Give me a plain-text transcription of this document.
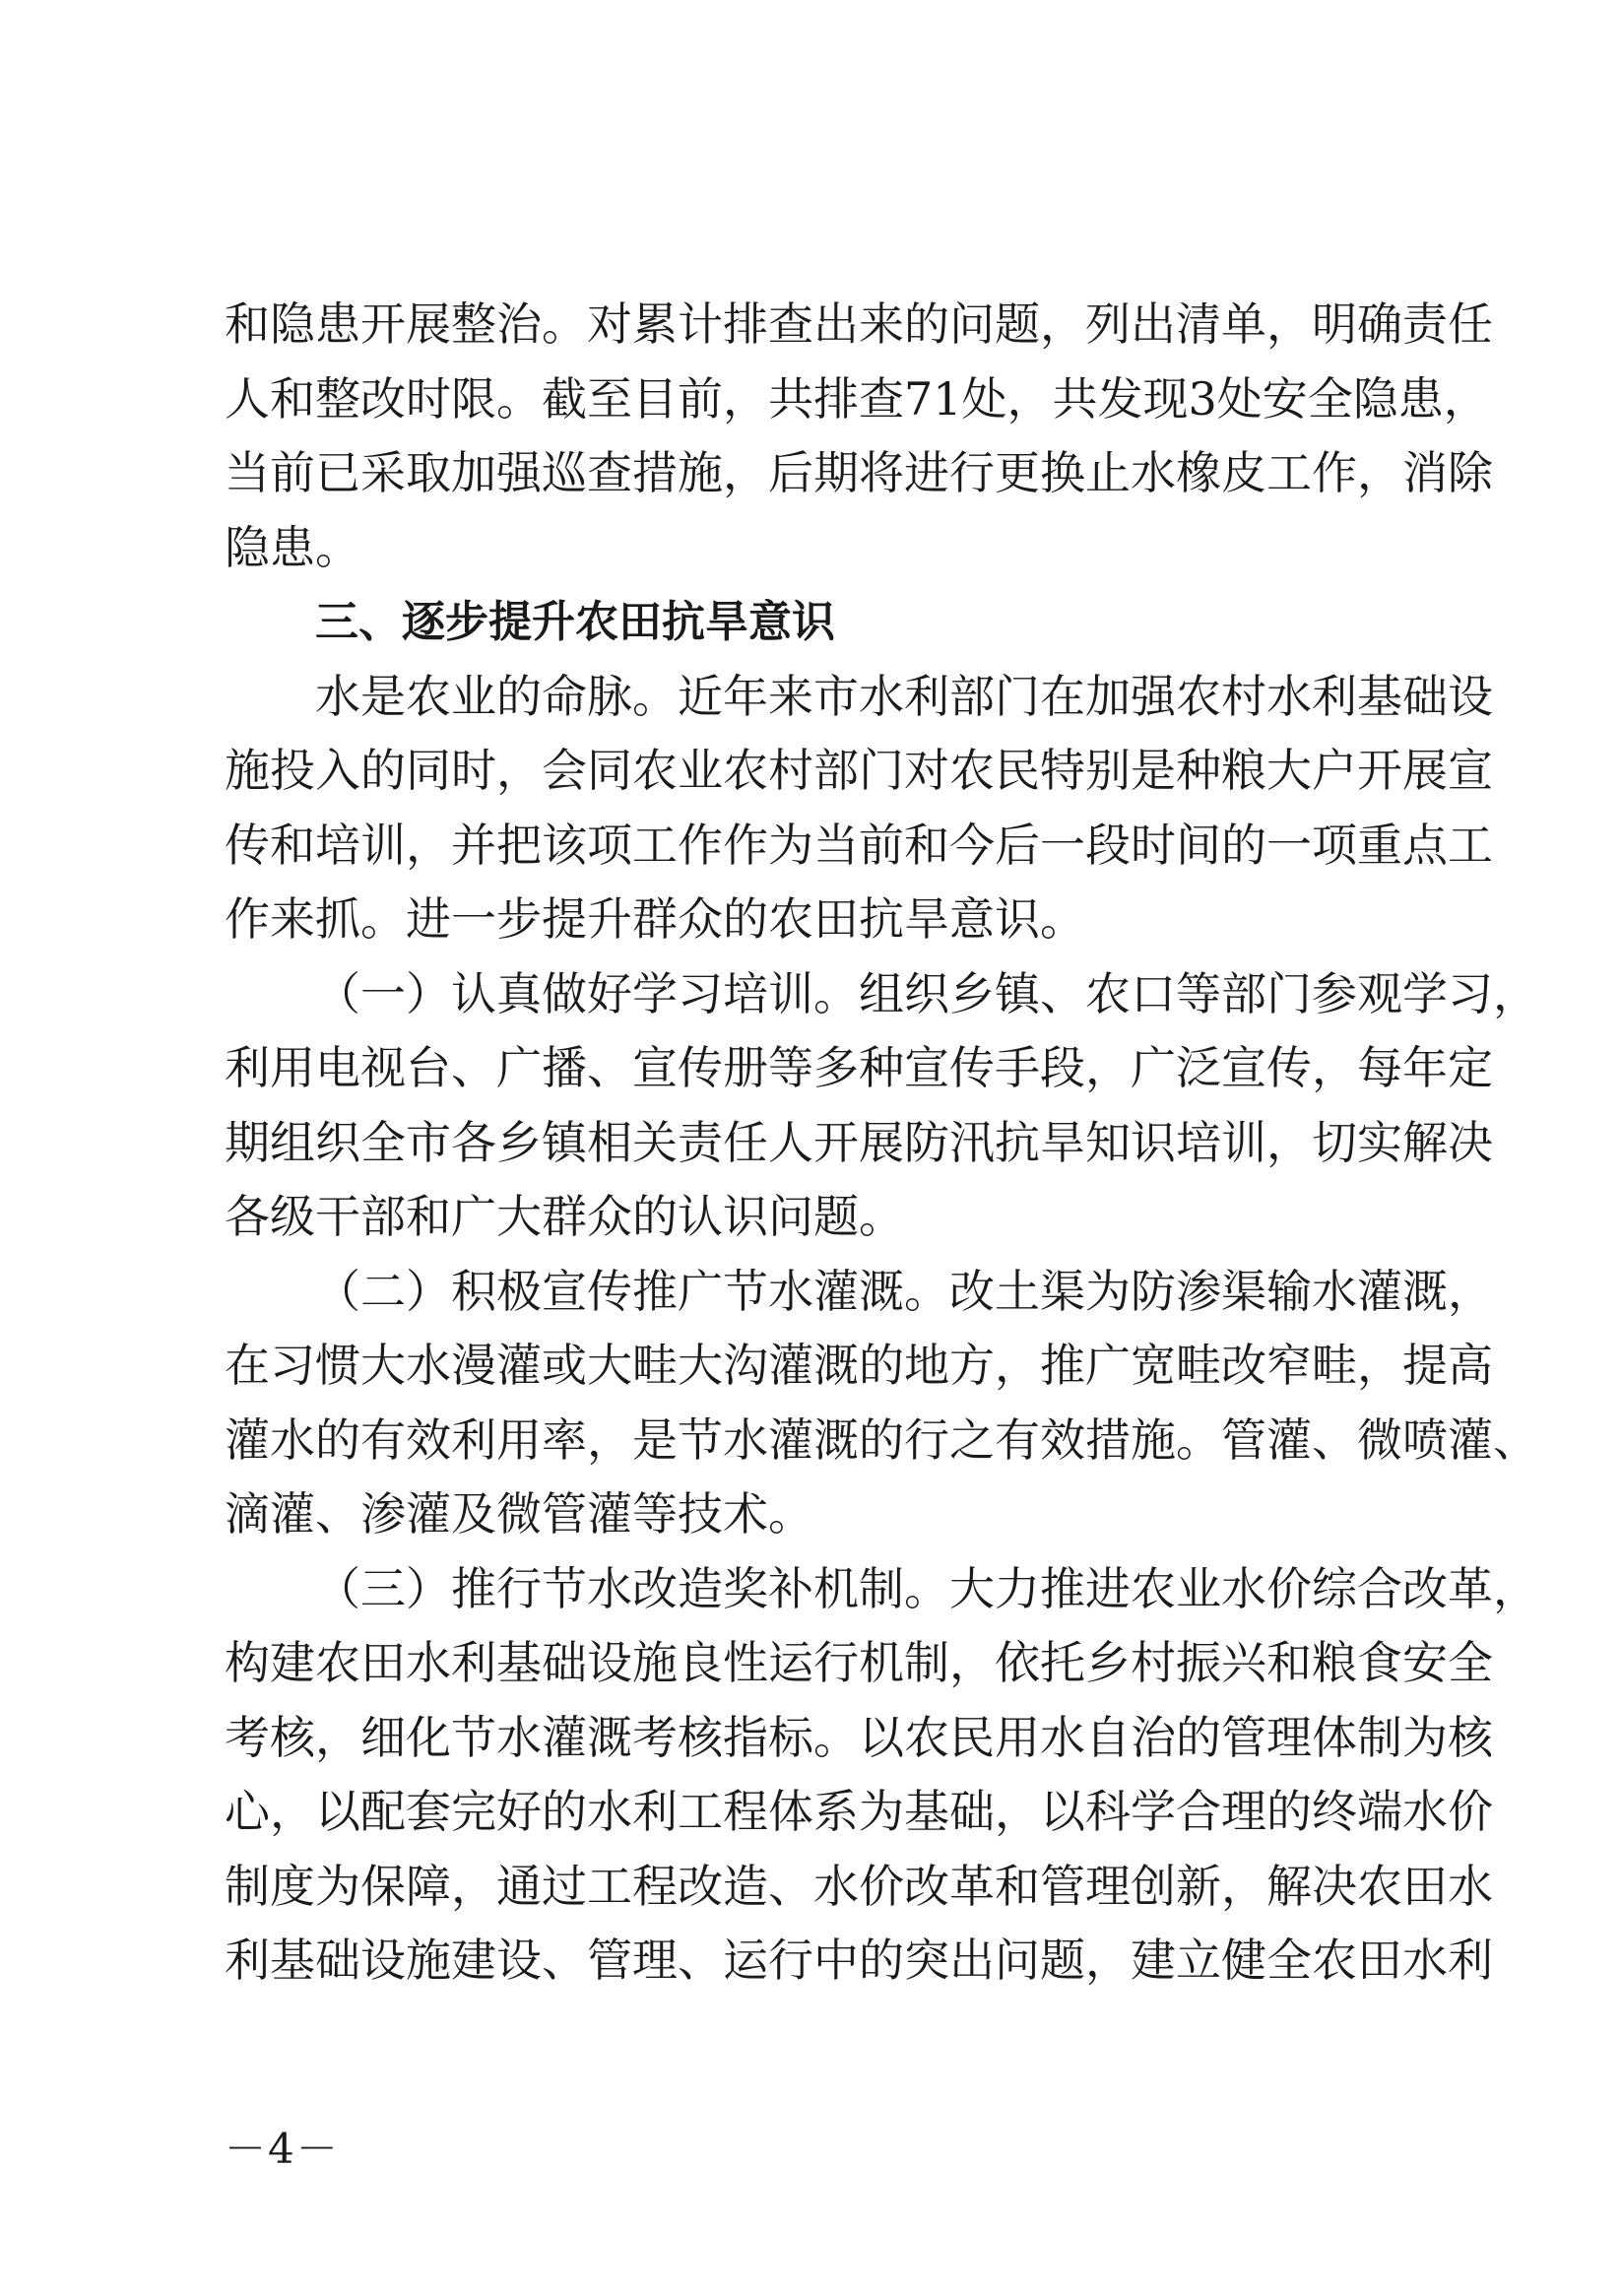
和隐患开展整治。对累计排查出来的问题，列出清单，明确责任
人和整改时限。截至目前，共排查71处，共发现3处安全隐患，
当前已采取加强巡查措施，后期将进行更换止水橡皮工作，消除
隐患。
三、逐步提升农田抗旱意识
水是农业的命脉。近年来市水利部门在加强农村水利基础设
施投入的同时，会同农业农村部门对农民特别是种粮大户开展宣
传和培训，并把该项工作作为当前和今后一段时间的一项重点工
作来抓。进一步提升群众的农田抗旱意识。
（一）认真做好学习培训。组织乡镇、农口等部门参观学习，
利用电视台、广播、宣传册等多种宣传手段，广泛宣传，每年定
期组织全市各乡镇相关责任人开展防汛抗旱知识培训，切实解决
各级干部和广大群众的认识问题。
（二）积极宣传推广节水灌溉。改土渠为防渗渠输水灌溉，
在习惯大水漫灌或大畦大沟灌溉的地方，推广宽畦改窄畦，提高
灌水的有效利用率，是节水灌溉的行之有效措施。管灌、微喷灌、
滴灌、渗灌及微管灌等技术。
（三）推行节水改造奖补机制。大力推进农业水价综合改革，
构建农田水利基础设施良性运行机制，依托乡村振兴和粮食安全
考核，细化节水灌溉考核指标。以农民用水自治的管理体制为核
心，以配套完好的水利工程体系为基础，以科学合理的终端水价
制度为保障，通过工程改造、水价改革和管理创新，解决农田水
利基础设施建设、管理、运行中的突出问题，建立健全农田水利
－4－
